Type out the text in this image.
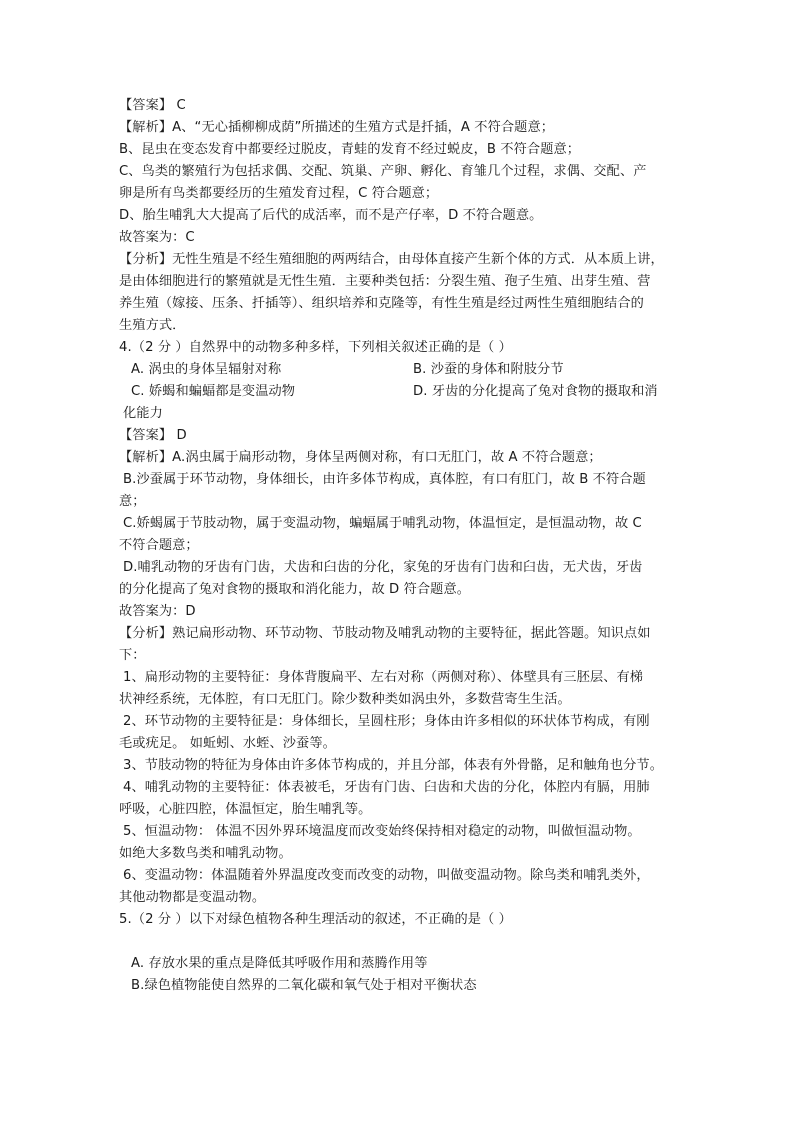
【答案】 C
【解析】A、“无心插柳柳成荫”所描述的生殖方式是扦插，A 不符合题意；
B、昆虫在变态发育中都要经过脱皮，青蛙的发育不经过蜕皮，B 不符合题意；
C、鸟类的繁殖行为包括求偶、交配、筑巢、产卵、孵化、育雏几个过程，求偶、交配、产
卵是所有鸟类都要经历的生殖发育过程，C 符合题意；
D、胎生哺乳大大提高了后代的成活率，而不是产仔率，D 不符合题意。
故答案为：C
【分析】无性生殖是不经生殖细胞的两两结合，由母体直接产生新个体的方式．从本质上讲，
是由体细胞进行的繁殖就是无性生殖．主要种类包括：分裂生殖、孢子生殖、出芽生殖、营
养生殖（嫁接、压条、扦插等）、组织培养和克隆等，有性生殖是经过两性生殖细胞结合的
生殖方式．
4.（2 分 ）自然界中的动物多种多样，下列相关叙述正确的是（ ）
A. 涡虫的身体呈辐射对称	B. 沙蚕的身体和附肢分节
C. 娇蝎和蝙蝠都是变温动物	D. 牙齿的分化提高了兔对食物的摄取和消
化能力
【答案】 D
【解析】A.涡虫属于扁形动物，身体呈两侧对称，有口无肛门，故 A 不符合题意；
B.沙蚕属于环节动物，身体细长，由许多体节构成，真体腔，有口有肛门，故 B 不符合题
意；
C.娇蝎属于节肢动物，属于变温动物，蝙蝠属于哺乳动物，体温恒定，是恒温动物，故 C
不符合题意；
D.哺乳动物的牙齿有门齿，犬齿和臼齿的分化，家兔的牙齿有门齿和臼齿，无犬齿，牙齿
的分化提高了兔对食物的摄取和消化能力，故 D 符合题意。
故答案为：D
【分析】熟记扁形动物、环节动物、节肢动物及哺乳动物的主要特征，据此答题。知识点如
下：
1、扁形动物的主要特征：身体背腹扁平、左右对称（两侧对称）、体壁具有三胚层、有梯
状神经系统，无体腔，有口无肛门。除少数种类如涡虫外，多数营寄生生活。
2、环节动物的主要特征是：身体细长，呈圆柱形；身体由许多相似的环状体节构成，有刚
毛或疣足。 如蚯蚓、水蛭、沙蚕等。
3、节肢动物的特征为身体由许多体节构成的，并且分部，体表有外骨骼，足和触角也分节。
4、哺乳动物的主要特征：体表被毛，牙齿有门齿、臼齿和犬齿的分化，体腔内有膈，用肺
呼吸，心脏四腔，体温恒定，胎生哺乳等。
5、恒温动物： 体温不因外界环境温度而改变始终保持相对稳定的动物，叫做恒温动物。
如绝大多数鸟类和哺乳动物。
6、变温动物：体温随着外界温度改变而改变的动物，叫做变温动物。除鸟类和哺乳类外，
其他动物都是变温动物。
5.（2 分 ）以下对绿色植物各种生理活动的叙述，不正确的是（ ）
A. 存放水果的重点是降低其呼吸作用和蒸腾作用等
B.绿色植物能使自然界的二氧化碳和氧气处于相对平衡状态
